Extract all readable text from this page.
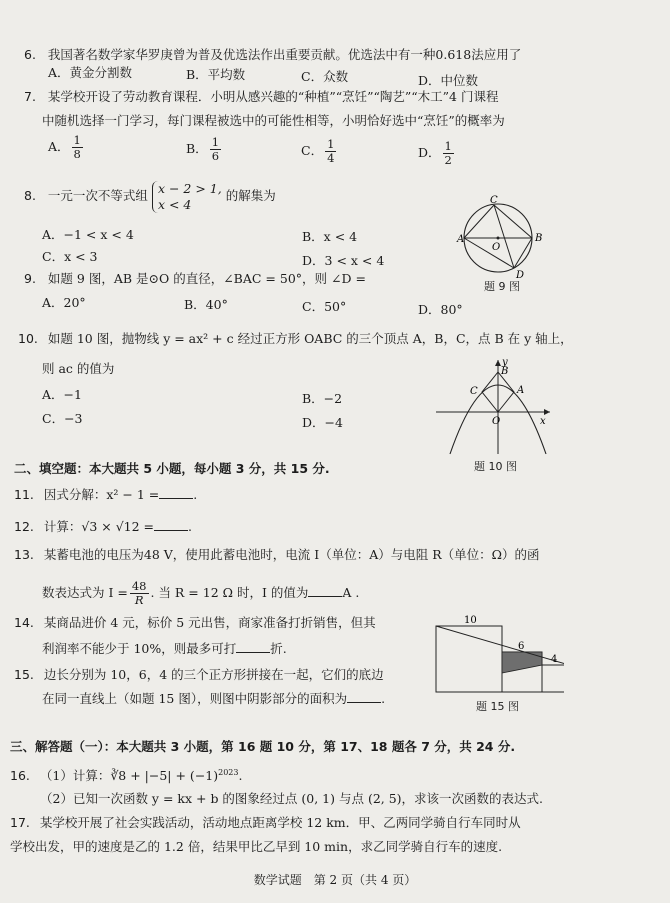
6. 我国著名数学家华罗庚曾为普及优选法作出重要贡献。优选法中有一种0.618法应用了
A．黄金分割数	B．平均数	C．众数	D．中位数
7. 某学校开设了劳动教育课程．小明从感兴趣的“种植”“烹饪”“陶艺”“木工”4 门课程
中随机选择一门学习，每门课程被选中的可能性相等，小明恰好选中“烹饪”的概率为
A． $\frac{1}{8}$	B． $\frac{1}{6}$	C． $\frac{1}{4}$	D． $\frac{1}{2}$
8. 一元一次不等式组 x − 2 > 1,
x < 4
的解集为
A．−1 < x < 4	B．x < 4
C．x < 3	D．3 < x < 4
A	B
C
D
O
题 9 图
9. 如题 9 图，AB 是⊙O 的直径，∠BAC = 50°，则 ∠D =
A．20°	B．40°	C．50°	D．80°
10. 如题 10 图，抛物线 y = ax² + c 经过正方形 OABC 的三个顶点 A，B，C，点 B 在 y 轴上，
则 ac 的值为
A．−1	B．−2
C．−3	D．−4
y
x
O
A
B
C
题 10 图
二、填空题：本大题共 5 小题，每小题 3 分，共 15 分.
11. 因式分解：x² − 1 =	.
12. 计算：√3 × √12 =	.
13. 某蓄电池的电压为48 V，使用此蓄电池时，电流 I（单位：A）与电阻 R（单位：Ω）的函
数表达式为 $I = \frac{48}{R}$ . 当 R = 12 Ω 时，I 的值为	A .
14. 某商品进价 4 元，标价 5 元出售，商家准备打折销售，但其
利润率不能少于 10%，则最多可打	折.
15. 边长分别为 10，6，4 的三个正方形拼接在一起，它们的底边
在同一直线上（如题 15 图），则图中阴影部分的面积为	.
10
6
4
题 15 图
三、解答题（一）：本大题共 3 小题，第 16 题 10 分，第 17、18 题各 7 分，共 24 分.
16. （1）计算：∛8 + $|-5| + (-1)^{2023}$.
（2）已知一次函数 y = kx + b 的图象经过点 (0, 1) 与点 (2, 5)，求该一次函数的表达式.
17. 某学校开展了社会实践活动，活动地点距离学校 12 km．甲、乙两同学骑自行车同时从
学校出发，甲的速度是乙的 1.2 倍，结果甲比乙早到 10 min，求乙同学骑自行车的速度.
数学试题　第 2 页（共 4 页）
